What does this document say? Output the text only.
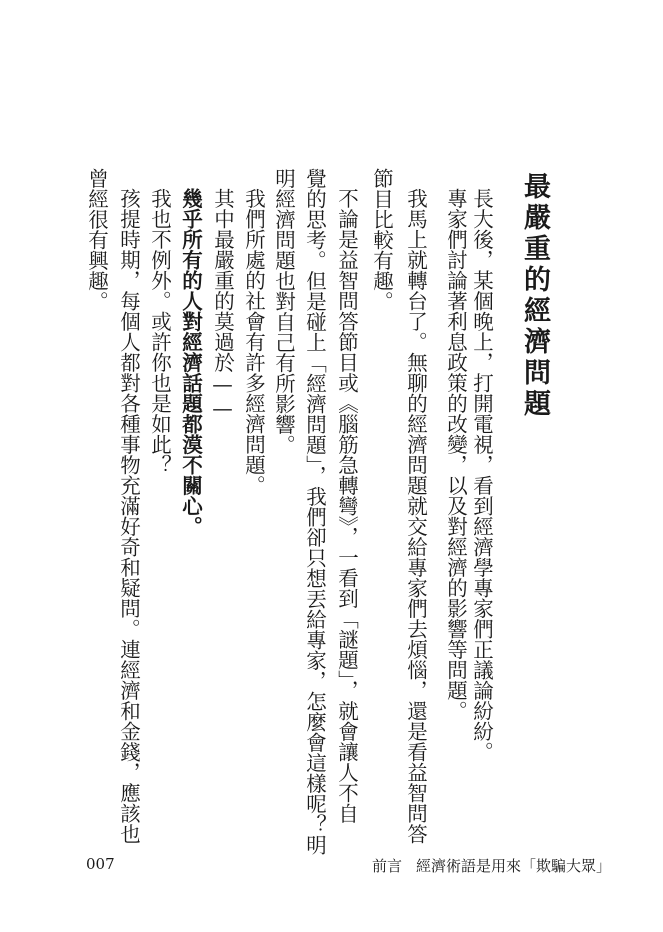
最嚴重的經濟問題
長大後，某個晚上，打開電視，看到經濟學專家們正議論紛紛。
專家們討論著利息政策的改變，以及對經濟的影響等問題。
我馬上就轉台了。無聊的經濟問題就交給專家們去煩惱，還是看益智問答
節目比較有趣。
不論是益智問答節目或《腦筋急轉彎》，一看到「謎題」，就會讓人不自
覺的思考。但是碰上「經濟問題」，我們卻只想丟給專家，怎麼會這樣呢？明
明經濟問題也對自己有所影響。
我們所處的社會有許多經濟問題。
其中最嚴重的莫過於——
幾乎所有的人對經濟話題都漠不關心。
我也不例外。或許你也是如此？
孩提時期，每個人都對各種事物充滿好奇和疑問。連經濟和金錢，應該也
曾經很有興趣。
007	前言 經濟術語是用來「欺騙大眾」
